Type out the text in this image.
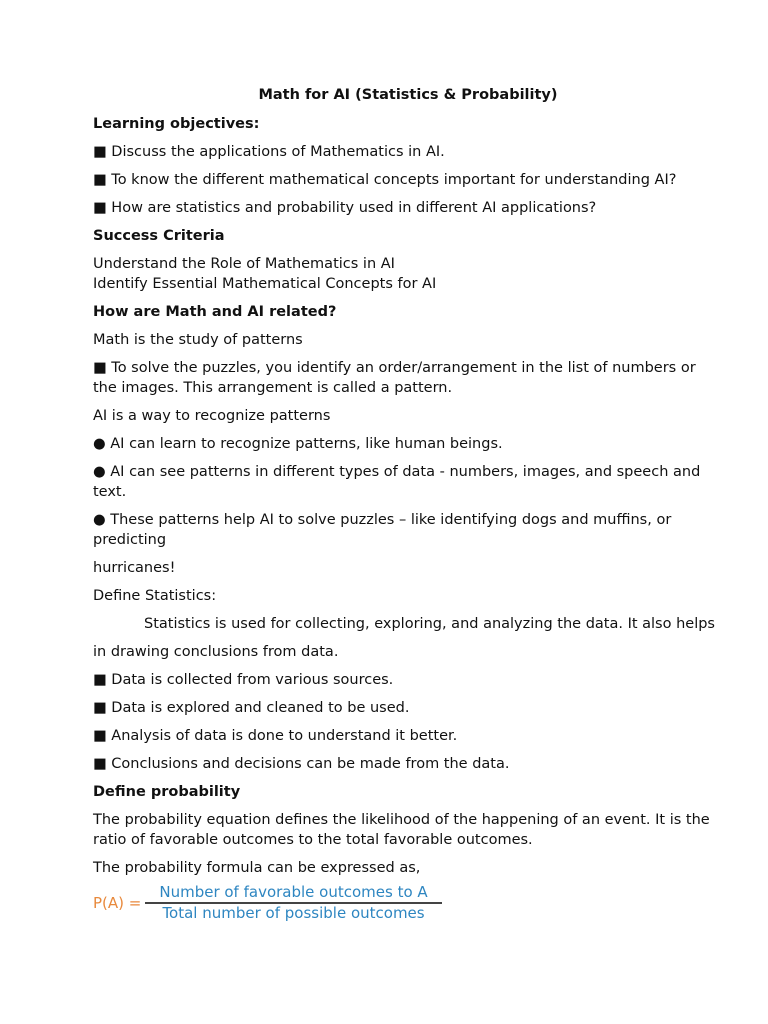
Math for AI (Statistics & Probability)
Learning objectives:
■ Discuss the applications of Mathematics in AI.
■ To know the different mathematical concepts important for understanding AI?
■ How are statistics and probability used in different AI applications?
Success Criteria
Understand the Role of Mathematics in AI
Identify Essential Mathematical Concepts for AI
How are Math and AI related?
Math is the study of patterns
■ To solve the puzzles, you identify an order/arrangement in the list of numbers or the images. This arrangement is called a pattern.
AI is a way to recognize patterns
● AI can learn to recognize patterns, like human beings.
● AI can see patterns in different types of data - numbers, images, and speech and text.
● These patterns help AI to solve puzzles – like identifying dogs and muffins, or predicting
hurricanes!
Define Statistics:
Statistics is used for collecting, exploring, and analyzing the data. It also helps
in drawing conclusions from data.
■ Data is collected from various sources.
■ Data is explored and cleaned to be used.
■ Analysis of data is done to understand it better.
■ Conclusions and decisions can be made from the data.
Define probability
The probability equation defines the likelihood of the happening of an event. It is the ratio of favorable outcomes to the total favorable outcomes.
The probability formula can be expressed as,
$P(A) = \frac{\text{Number of favorable outcomes to A}}{\text{Total number of possible outcomes}}$
